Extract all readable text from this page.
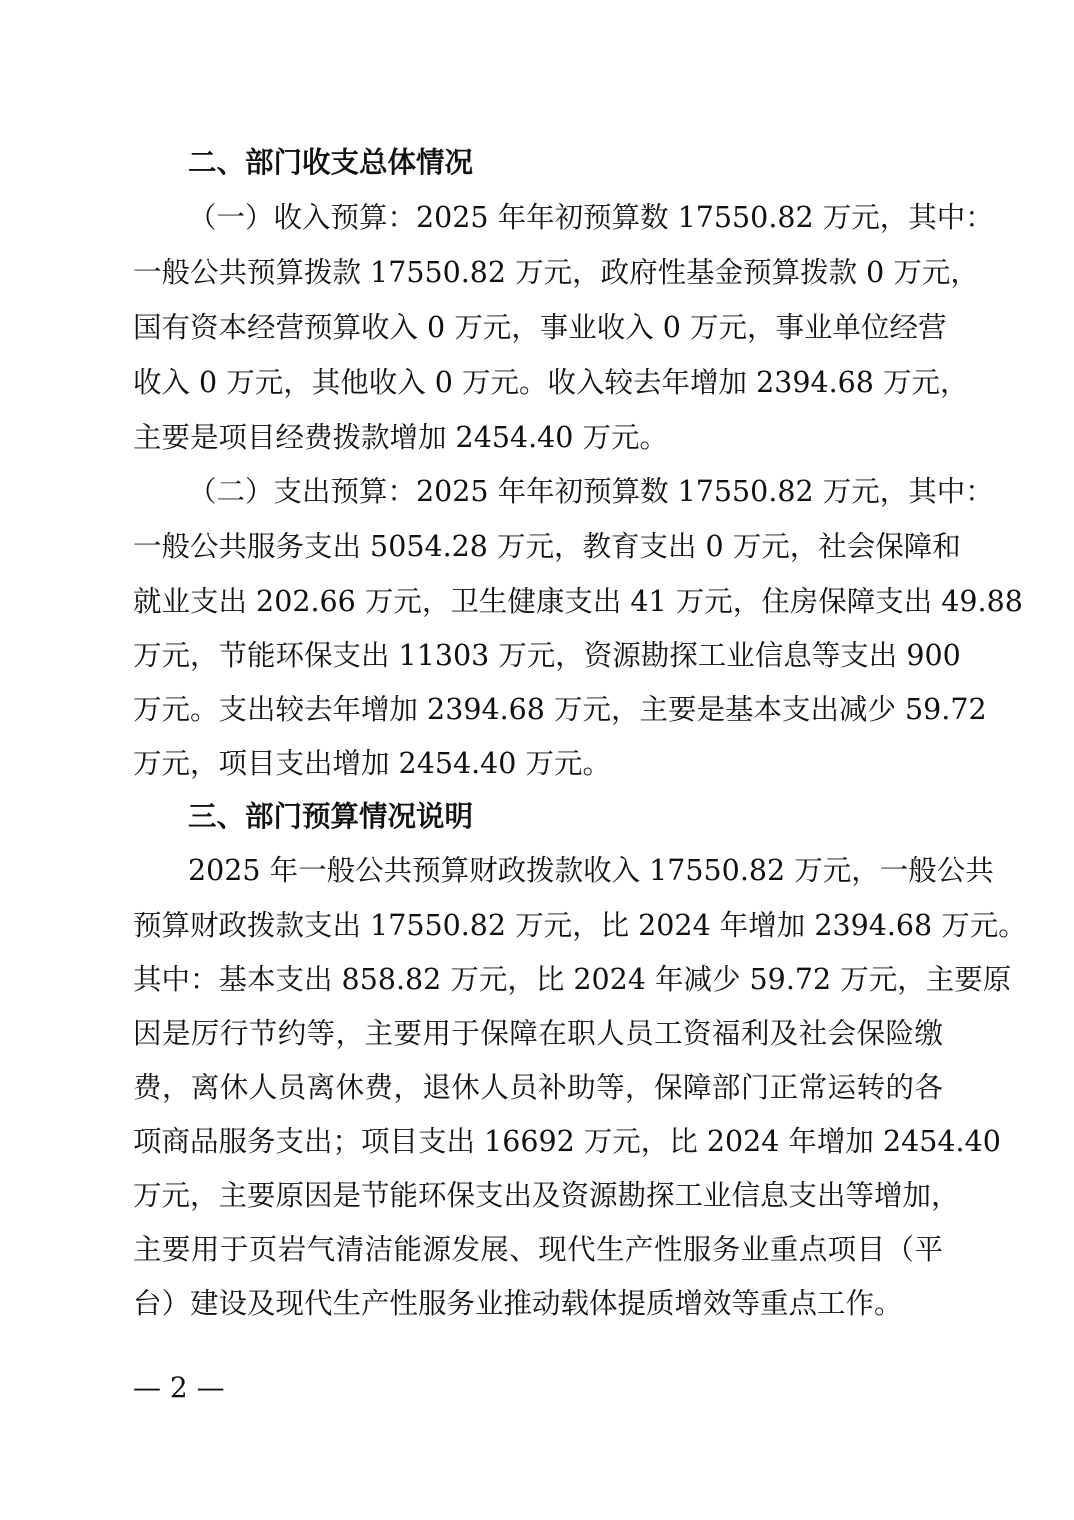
二、部门收支总体情况
（一）收入预算：2025 年年初预算数 17550.82 万元，其中：
一般公共预算拨款 17550.82 万元，政府性基金预算拨款 0 万元，
国有资本经营预算收入 0 万元，事业收入 0 万元，事业单位经营
收入 0 万元，其他收入 0 万元。收入较去年增加 2394.68 万元，
主要是项目经费拨款增加 2454.40 万元。
（二）支出预算：2025 年年初预算数 17550.82 万元，其中：
一般公共服务支出 5054.28 万元，教育支出 0 万元，社会保障和
就业支出 202.66 万元，卫生健康支出 41 万元，住房保障支出 49.88
万元，节能环保支出 11303 万元，资源勘探工业信息等支出 900
万元。支出较去年增加 2394.68 万元，主要是基本支出减少 59.72
万元，项目支出增加 2454.40 万元。
三、部门预算情况说明
2025 年一般公共预算财政拨款收入 17550.82 万元，一般公共
预算财政拨款支出 17550.82 万元，比 2024 年增加 2394.68 万元。
其中：基本支出 858.82 万元，比 2024 年减少 59.72 万元，主要原
因是厉行节约等，主要用于保障在职人员工资福利及社会保险缴
费，离休人员离休费，退休人员补助等，保障部门正常运转的各
项商品服务支出；项目支出 16692 万元，比 2024 年增加 2454.40
万元，主要原因是节能环保支出及资源勘探工业信息支出等增加，
主要用于页岩气清洁能源发展、现代生产性服务业重点项目（平
台）建设及现代生产性服务业推动载体提质增效等重点工作。
— 2 —
